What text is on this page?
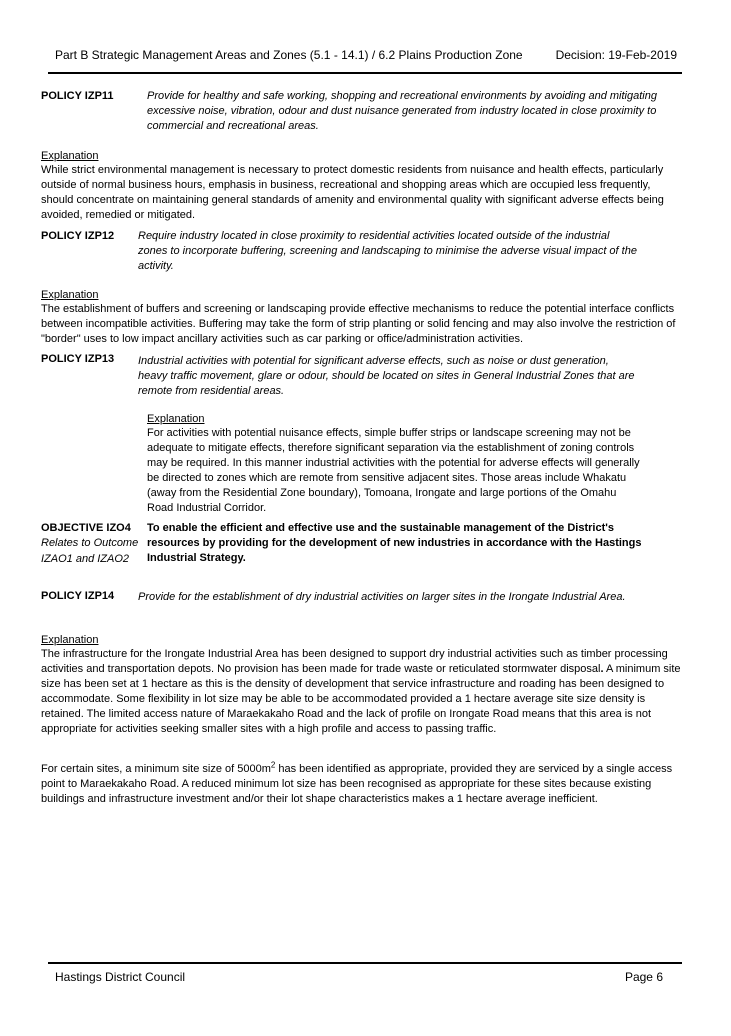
Part B Strategic Management Areas and Zones (5.1 - 14.1) / 6.2 Plains Production Zone	Decision: 19-Feb-2019
POLICY IZP11	Provide for healthy and safe working, shopping and recreational environments by avoiding and mitigating excessive noise, vibration, odour and dust nuisance generated from industry located in close proximity to commercial and recreational areas.
Explanation
While strict environmental management is necessary to protect domestic residents from nuisance and health effects, particularly outside of normal business hours, emphasis in business, recreational and shopping areas which are occupied less frequently, should concentrate on maintaining general standards of amenity and environmental quality with significant adverse effects being avoided, remedied or mitigated.
POLICY IZP12 Require industry located in close proximity to residential activities located outside of the industrial zones to incorporate buffering, screening and landscaping to minimise the adverse visual impact of the activity.
Explanation
The establishment of buffers and screening or landscaping provide effective mechanisms to reduce the potential interface conflicts between incompatible activities. Buffering may take the form of strip planting or solid fencing and may also involve the restriction of "border" uses to low impact ancillary activities such as car parking or office/administration activities.
POLICY IZP13 Industrial activities with potential for significant adverse effects, such as noise or dust generation, heavy traffic movement, glare or odour, should be located on sites in General Industrial Zones that are remote from residential areas.
Explanation
For activities with potential nuisance effects, simple buffer strips or landscape screening may not be adequate to mitigate effects, therefore significant separation via the establishment of zoning controls may be required. In this manner industrial activities with the potential for adverse effects will generally be directed to zones which are remote from sensitive adjacent sites. Those areas include Whakatu (away from the Residential Zone boundary), Tomoana, Irongate and large portions of the Omahu Road Industrial Corridor.
OBJECTIVE IZO4
Relates to Outcome IZAO1 and IZAO2
To enable the efficient and effective use and the sustainable management of the District's resources by providing for the development of new industries in accordance with the Hastings Industrial Strategy.
POLICY IZP14 Provide for the establishment of dry industrial activities on larger sites in the Irongate Industrial Area.
Explanation
The infrastructure for the Irongate Industrial Area has been designed to support dry industrial activities such as timber processing activities and transportation depots. No provision has been made for trade waste or reticulated stormwater disposal. A minimum site size has been set at 1 hectare as this is the density of development that service infrastructure and roading has been designed to accommodate. Some flexibility in lot size may be able to be accommodated provided a 1 hectare average site size density is retained. The limited access nature of Maraekakaho Road and the lack of profile on Irongate Road means that this area is not appropriate for activities seeking smaller sites with a high profile and access to passing traffic.
For certain sites, a minimum site size of $5000m^2$ has been identified as appropriate, provided they are serviced by a single access point to Maraekakaho Road. A reduced minimum lot size has been recognised as appropriate for these sites because existing buildings and infrastructure investment and/or their lot shape characteristics makes a 1 hectare average inefficient.
Hastings District Council	Page 6
